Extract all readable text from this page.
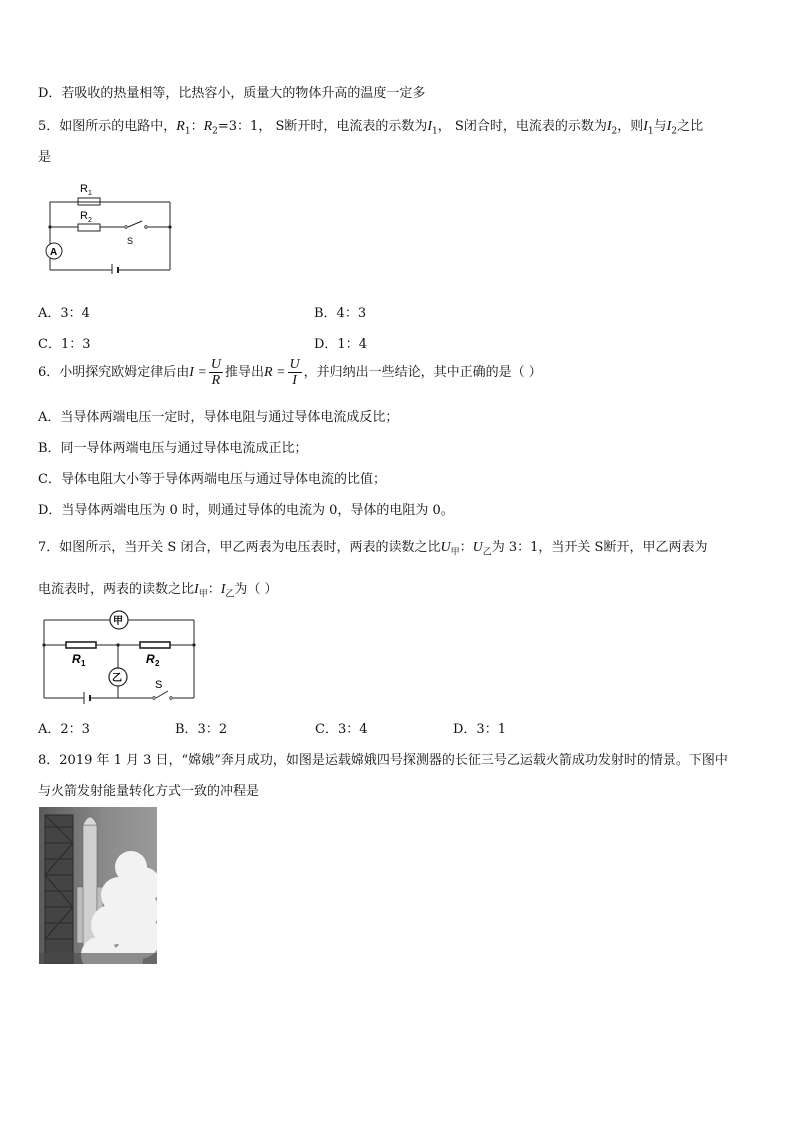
D．若吸收的热量相等，比热容小，质量大的物体升高的温度一定多
5．如图所示的电路中，$R_1$：$R_2=3$：1， S断开时，电流表的示数为$I_1$， S闭合时，电流表的示数为$I_2$，则$I_1$与$I_2$之比
是
R 1
R 2
S
A
A．3：4	B．4：3
C．1：3	D．1：4
6．小明探究欧姆定律后由$I = \frac{U}{R}$ 推导出$R = \frac{U}{I}$ ，并归纳出一些结论，其中正确的是（ ）
A．当导体两端电压一定时，导体电阻与通过导体电流成反比；
B．同一导体两端电压与通过导体电流成正比；
C．导体电阻大小等于导体两端电压与通过导体电流的比值；
D．当导体两端电压为 0 时，则通过导体的电流为 0，导体的电阻为 0。
7．如图所示，当开关 S 闭合，甲乙两表为电压表时，两表的读数之比$U_甲$：$U_乙$为 3：1，当开关 S断开，甲乙两表为
电流表时，两表的读数之比$I_甲$：$I_乙$为（ ）
甲
乙
R 1	R 2
S
A．2：3	B．3：2	C．3：4	D．3：1
8．2019 年 1 月 3 日，“嫦娥”奔月成功，如图是运载嫦娥四号探测器的长征三号乙运载火箭成功发射时的情景。下图中
与火箭发射能量转化方式一致的冲程是
